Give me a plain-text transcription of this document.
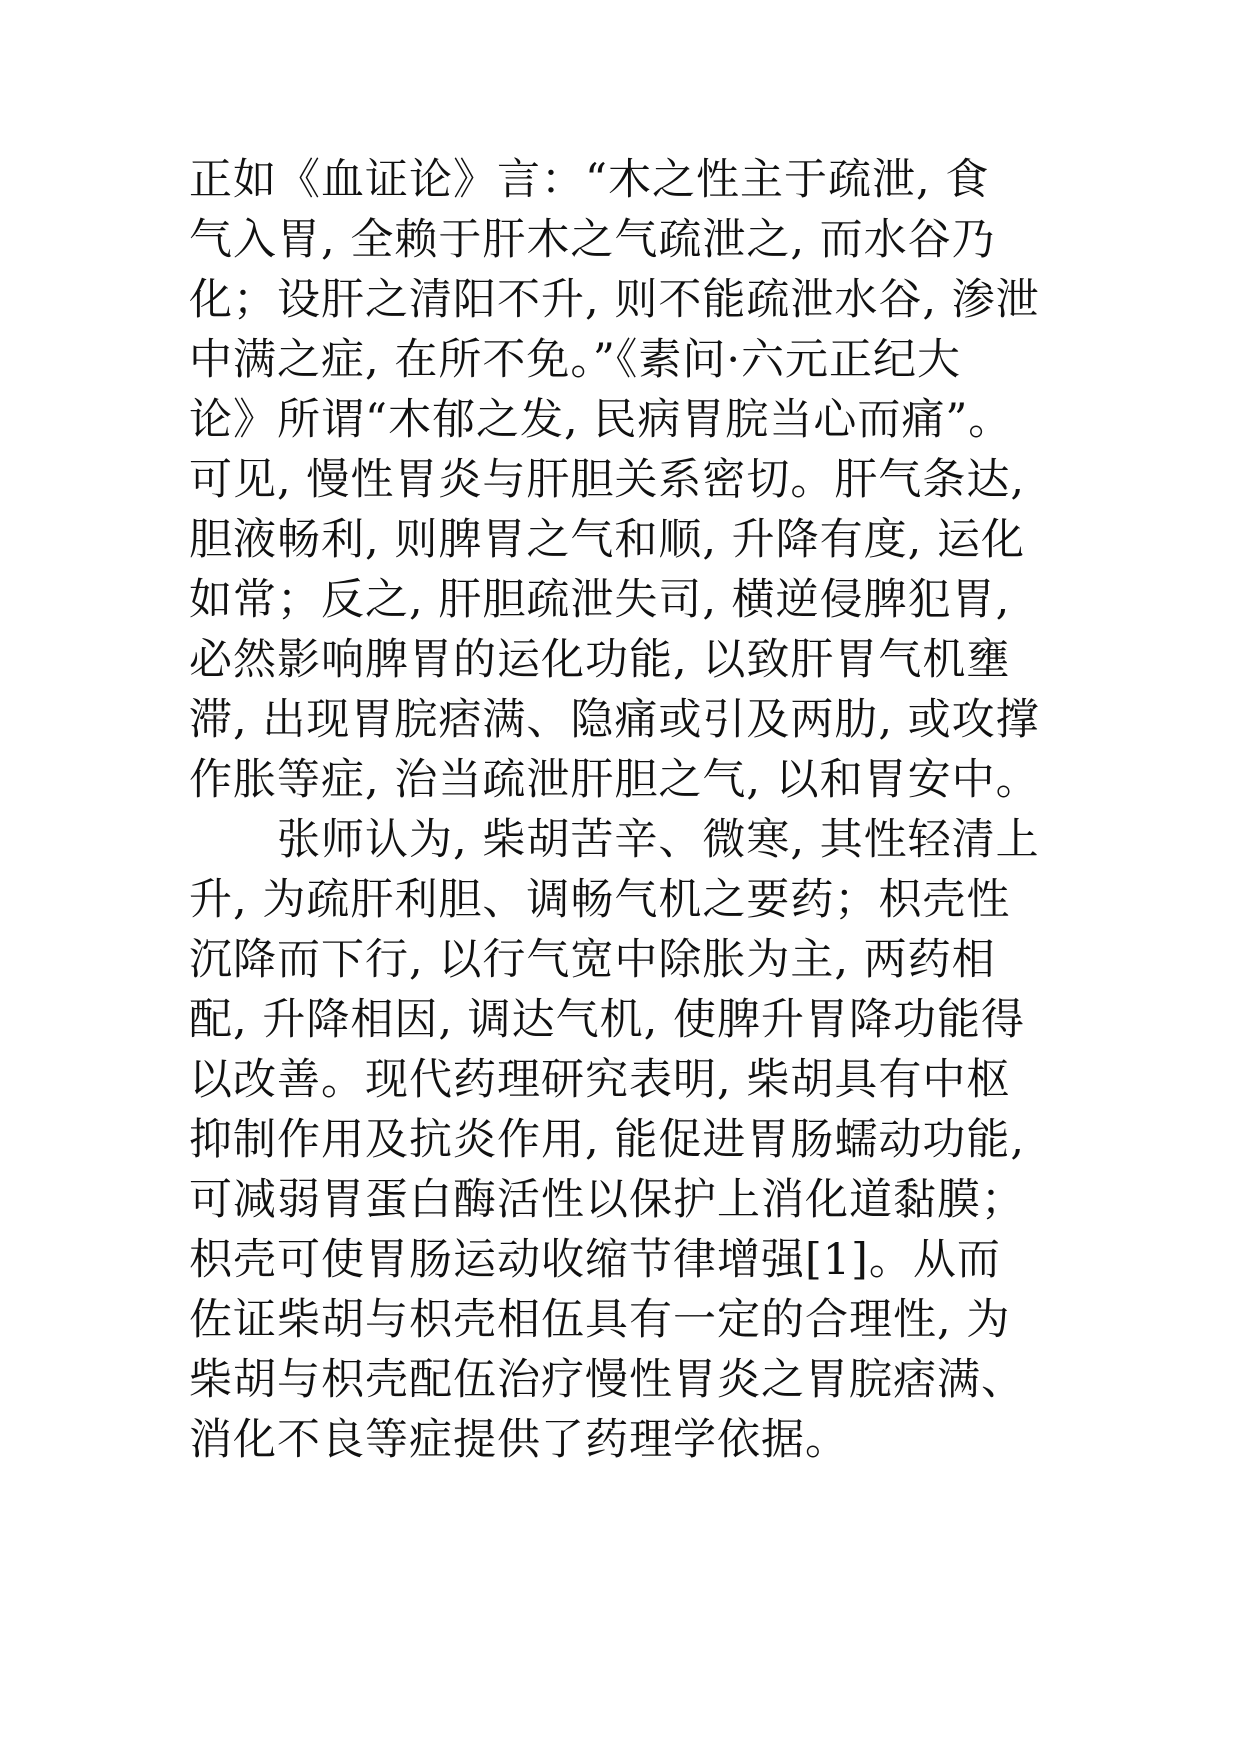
正如《血证论》言：“木之性主于疏泄, 食
气入胃, 全赖于肝木之气疏泄之, 而水谷乃
化；设肝之清阳不升, 则不能疏泄水谷, 渗泄
中满之症, 在所不免。”《素问·六元正纪大
论》所谓“木郁之发, 民病胃脘当心而痛”。
可见, 慢性胃炎与肝胆关系密切。肝气条达,
胆液畅利, 则脾胃之气和顺, 升降有度, 运化
如常；反之, 肝胆疏泄失司, 横逆侵脾犯胃,
必然影响脾胃的运化功能, 以致肝胃气机壅
滞, 出现胃脘痞满、隐痛或引及两肋, 或攻撑
作胀等症, 治当疏泄肝胆之气, 以和胃安中。
　　张师认为, 柴胡苦辛、微寒, 其性轻清上
升, 为疏肝利胆、调畅气机之要药；枳壳性
沉降而下行, 以行气宽中除胀为主, 两药相
配, 升降相因, 调达气机, 使脾升胃降功能得
以改善。现代药理研究表明, 柴胡具有中枢
抑制作用及抗炎作用, 能促进胃肠蠕动功能,
可减弱胃蛋白酶活性以保护上消化道黏膜；
枳壳可使胃肠运动收缩节律增强[1]。从而
佐证柴胡与枳壳相伍具有一定的合理性, 为
柴胡与枳壳配伍治疗慢性胃炎之胃脘痞满、
消化不良等症提供了药理学依据。
